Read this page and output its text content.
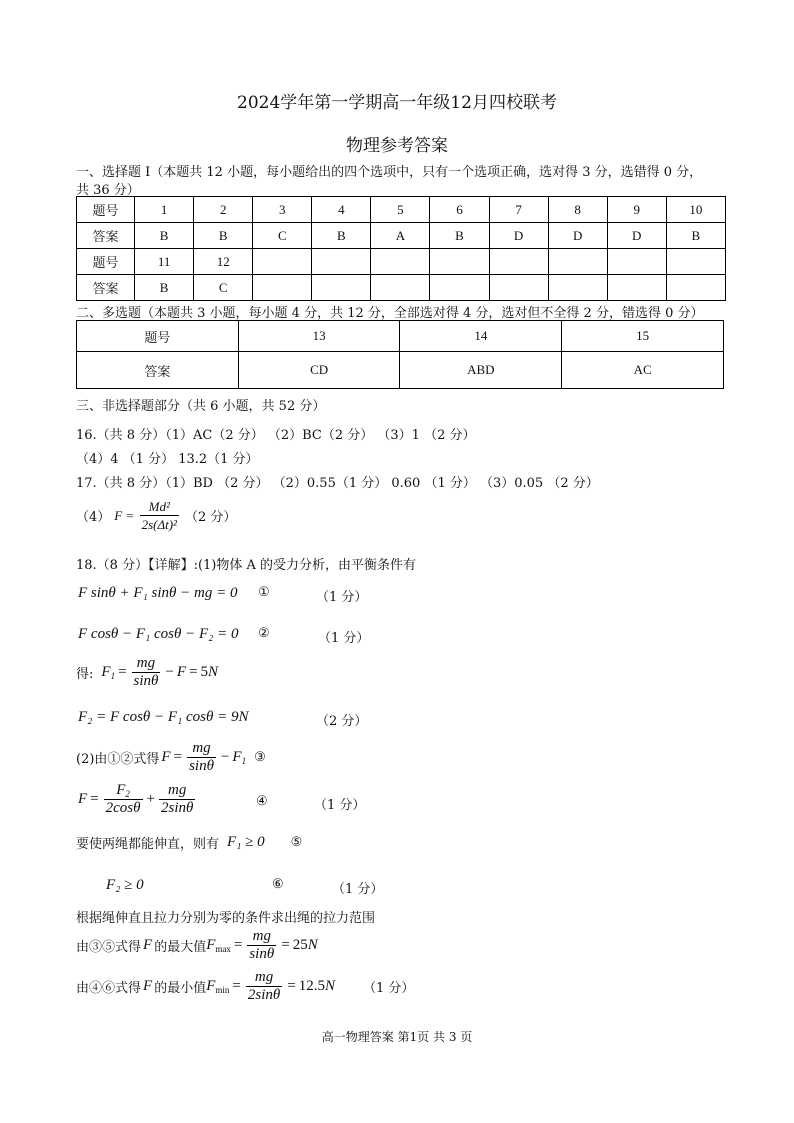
2024学年第一学期高一年级12月四校联考
物理参考答案
一、选择题 I（本题共 12 小题，每小题给出的四个选项中，只有一个选项正确，选对得 3 分，选错得 0 分，
共 36 分）
题号	1	2	3	4	5	6	7	8	9	10
答案	B	B	C	B	A	B	D	D	D	B
题号	11	12								
答案	B	C								
二、多选题（本题共 3 小题，每小题 4 分，共 12 分，全部选对得 4 分，选对但不全得 2 分，错选得 0 分）
题号	13	14	15
答案	CD	ABD	AC
三、非选择题部分（共 6 小题，共 52 分）
16.（共 8 分）（1）AC（2 分） （2）BC（2 分） （3）1 （2 分）
（4）4 （1 分） 13.2（1 分）
17.（共 8 分）（1）BD （2 分） （2）0.55（1 分） 0.60 （1 分） （3）0.05 （2 分）
（4） $F = \frac{\text{Md²}}{\text{2s(Δt)²}} (2$ 分）
18.（8 分）【详解】:(1)物体 A 的受力分析，由平衡条件有
F sinθ + F₁ sinθ − mg = 0 ①	（1 分）
F cosθ − F₁ cosθ − F₂ = 0 ②	（1 分）
得: $F_1 = \frac{mg}{\sin\theta} - F = 5N$
F₂ = F cosθ − F₁ cosθ = 9N	（2 分）
(2)由①②式得 $F = \frac{mg}{\sin\theta} - F_1$ ③
$F = \frac{F_2}{2\cos\theta} + \frac{mg}{2\sin\theta}$	④	（1 分）
要使两绳都能伸直，则有 F₁ ≥ 0 ⑤
F₂ ≥ 0	⑥	（1 分）
根据绳伸直且拉力分别为零的条件求出绳的拉力范围
由③⑤式得 F 的最大值 $F_{max} = \frac{mg}{\sin\theta} = 25N$
由④⑥式得 F 的最小值 $F_{min} = \frac{mg}{2\sin\theta} = 12.5N$ （1 分）
高一物理答案 第1页 共 3 页
